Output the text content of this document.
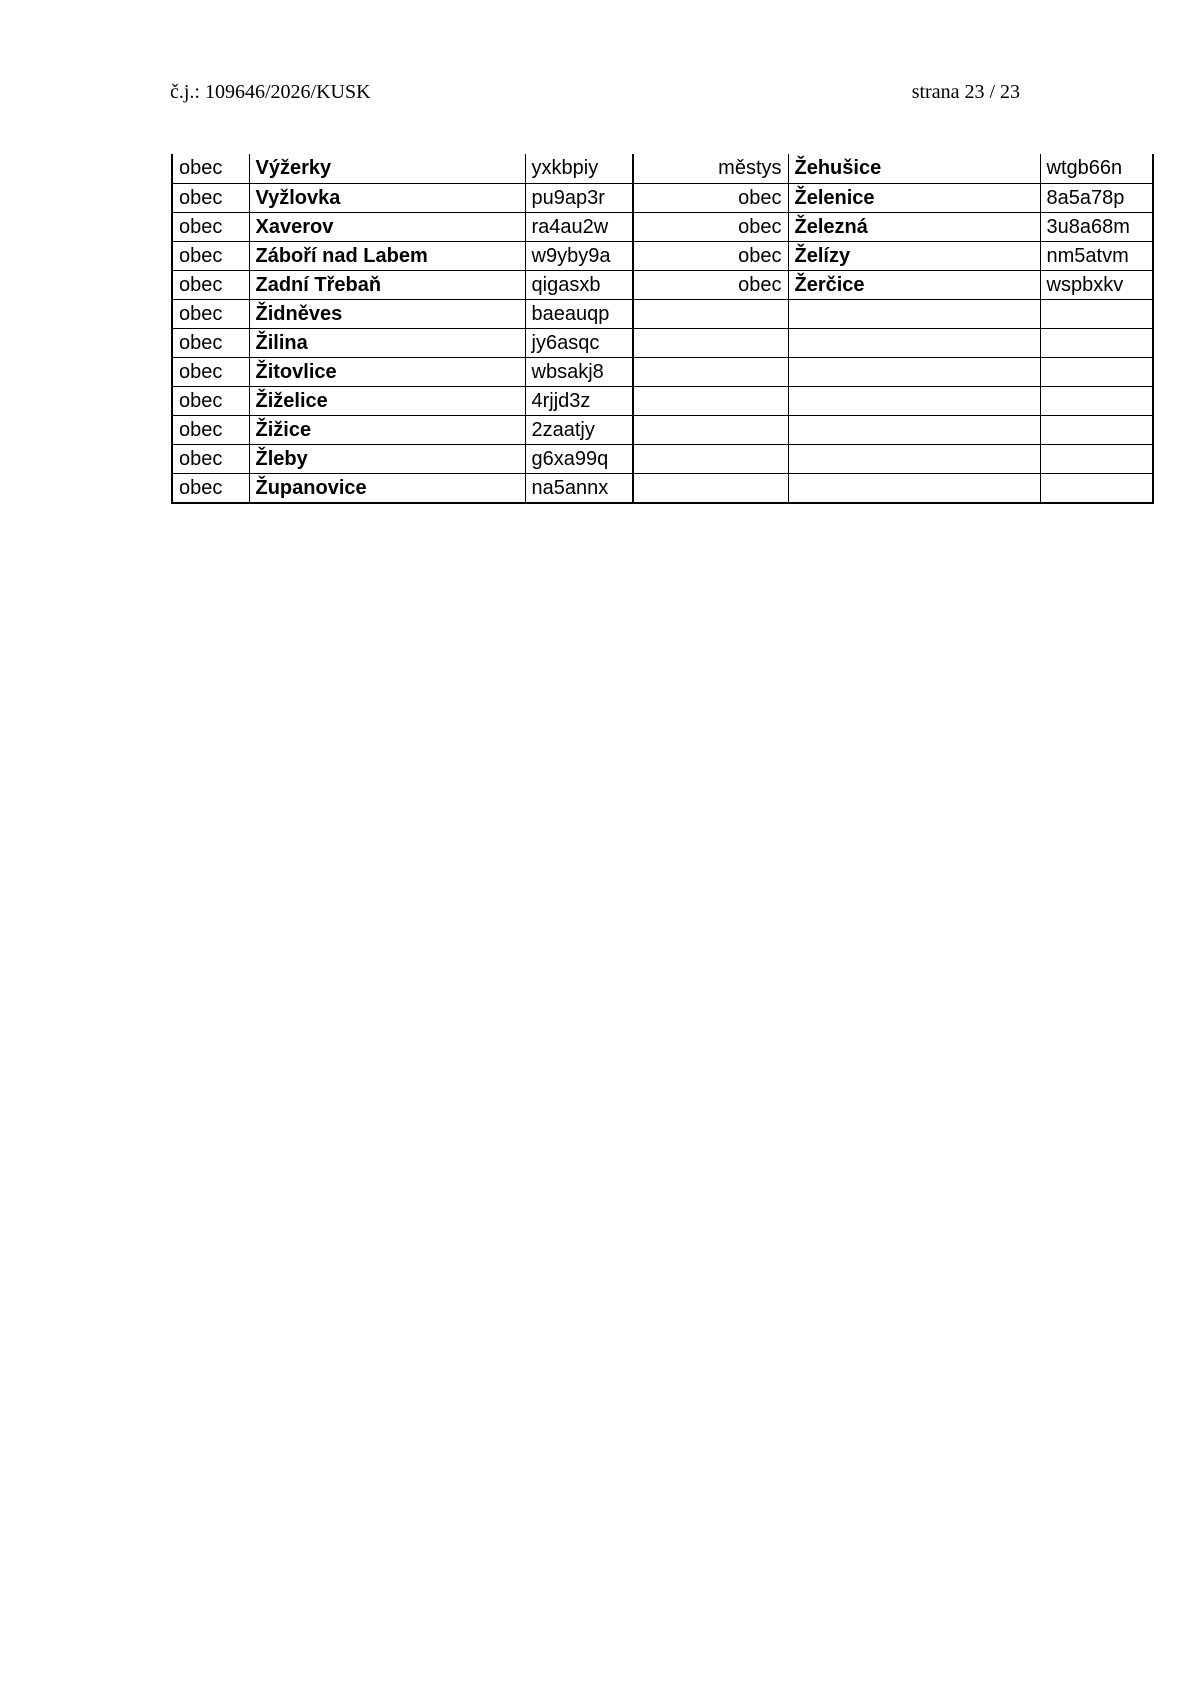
č.j.: 109646/2026/KUSK	strana 23 / 23
obec	Výžerky	yxkbpiy	městys	Žehušice	wtgb66n
obec	Vyžlovka	pu9ap3r	obec	Želenice	8a5a78p
obec	Xaverov	ra4au2w	obec	Železná	3u8a68m
obec	Záboří nad Labem	w9yby9a	obec	Želízy	nm5atvm
obec	Zadní Třebaň	qigasxb	obec	Žerčice	wspbxkv
obec	Židněves	baeauqp			
obec	Žilina	jy6asqc			
obec	Žitovlice	wbsakj8			
obec	Žiželice	4rjjd3z			
obec	Žižice	2zaatjy			
obec	Žleby	g6xa99q			
obec	Županovice	na5annx			
